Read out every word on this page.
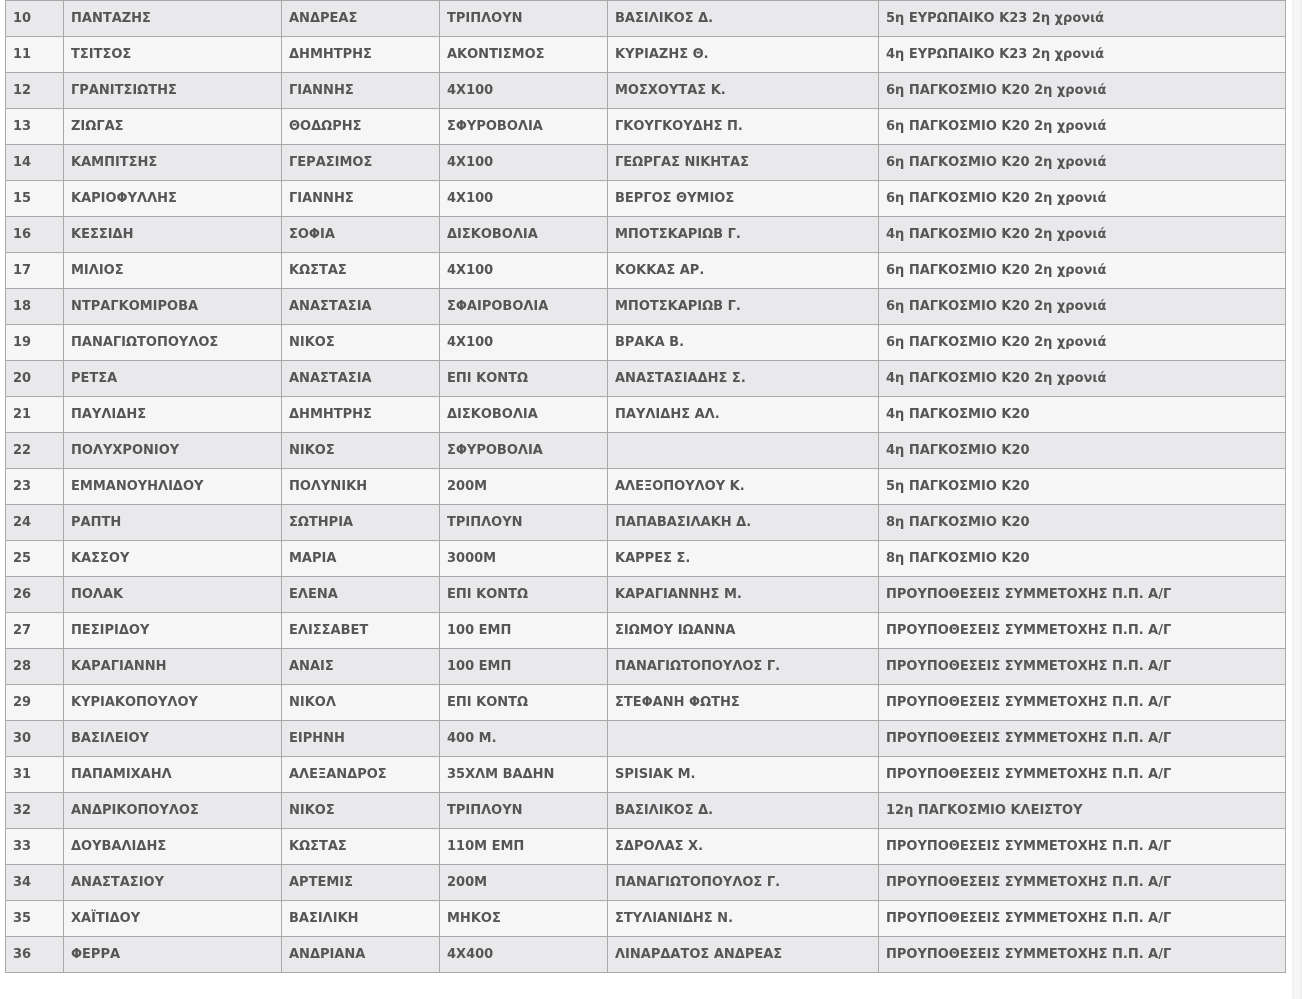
10	ΠΑΝΤΑΖΗΣ	ΑΝΔΡΕΑΣ	ΤΡΙΠΛΟΥΝ	ΒΑΣΙΛΙΚΟΣ Δ.	5η ΕΥΡΩΠΑΙΚΟ Κ23 2η χρονιά
11	ΤΣΙΤΣΟΣ	ΔΗΜΗΤΡΗΣ	ΑΚΟΝΤΙΣΜΟΣ	ΚΥΡΙΑΖΗΣ Θ.	4η ΕΥΡΩΠΑΙΚΟ Κ23 2η χρονιά
12	ΓΡΑΝΙΤΣΙΩΤΗΣ	ΓΙΑΝΝΗΣ	4Χ100	ΜΟΣΧΟΥΤΑΣ Κ.	6η ΠΑΓΚΟΣΜΙΟ Κ20 2η χρονιά
13	ΖΙΩΓΑΣ	ΘΟΔΩΡΗΣ	ΣΦΥΡΟΒΟΛΙΑ	ΓΚΟΥΓΚΟΥΔΗΣ Π.	6η ΠΑΓΚΟΣΜΙΟ Κ20 2η χρονιά
14	ΚΑΜΠΙΤΣΗΣ	ΓΕΡΑΣΙΜΟΣ	4Χ100	ΓΕΩΡΓΑΣ ΝΙΚΗΤΑΣ	6η ΠΑΓΚΟΣΜΙΟ Κ20 2η χρονιά
15	ΚΑΡΙΟΦΥΛΛΗΣ	ΓΙΑΝΝΗΣ	4Χ100	ΒΕΡΓΟΣ ΘΥΜΙΟΣ	6η ΠΑΓΚΟΣΜΙΟ Κ20 2η χρονιά
16	ΚΕΣΣΙΔΗ	ΣΟΦΙΑ	ΔΙΣΚΟΒΟΛΙΑ	ΜΠΟΤΣΚΑΡΙΩΒ Γ.	4η ΠΑΓΚΟΣΜΙΟ Κ20 2η χρονιά
17	ΜΙΛΙΟΣ	ΚΩΣΤΑΣ	4Χ100	ΚΟΚΚΑΣ ΑΡ.	6η ΠΑΓΚΟΣΜΙΟ Κ20 2η χρονιά
18	ΝΤΡΑΓΚΟΜΙΡΟΒΑ	ΑΝΑΣΤΑΣΙΑ	ΣΦΑΙΡΟΒΟΛΙΑ	ΜΠΟΤΣΚΑΡΙΩΒ Γ.	6η ΠΑΓΚΟΣΜΙΟ Κ20 2η χρονιά
19	ΠΑΝΑΓΙΩΤΟΠΟΥΛΟΣ	ΝΙΚΟΣ	4Χ100	ΒΡΑΚΑ Β.	6η ΠΑΓΚΟΣΜΙΟ Κ20 2η χρονιά
20	ΡΕΤΣΑ	ΑΝΑΣΤΑΣΙΑ	ΕΠΙ ΚΟΝΤΩ	ΑΝΑΣΤΑΣΙΑΔΗΣ Σ.	4η ΠΑΓΚΟΣΜΙΟ Κ20 2η χρονιά
21	ΠΑΥΛΙΔΗΣ	ΔΗΜΗΤΡΗΣ	ΔΙΣΚΟΒΟΛΙΑ	ΠΑΥΛΙΔΗΣ ΑΛ.	4η ΠΑΓΚΟΣΜΙΟ Κ20
22	ΠΟΛΥΧΡΟΝΙΟΥ	ΝΙΚΟΣ	ΣΦΥΡΟΒΟΛΙΑ		4η ΠΑΓΚΟΣΜΙΟ Κ20
23	ΕΜΜΑΝΟΥΗΛΙΔΟΥ	ΠΟΛΥΝΙΚΗ	200Μ	ΑΛΕΞΟΠΟΥΛΟΥ Κ.	5η ΠΑΓΚΟΣΜΙΟ Κ20
24	ΡΑΠΤΗ	ΣΩΤΗΡΙΑ	ΤΡΙΠΛΟΥΝ	ΠΑΠΑΒΑΣΙΛΑΚΗ Δ.	8η ΠΑΓΚΟΣΜΙΟ Κ20
25	ΚΑΣΣΟΥ	ΜΑΡΙΑ	3000Μ	ΚΑΡΡΕΣ Σ.	8η ΠΑΓΚΟΣΜΙΟ Κ20
26	ΠΟΛΑΚ	ΕΛΕΝΑ	ΕΠΙ ΚΟΝΤΩ	ΚΑΡΑΓΙΑΝΝΗΣ Μ.	ΠΡΟΥΠΟΘΕΣΕΙΣ ΣΥΜΜΕΤΟΧΗΣ Π.Π. Α/Γ
27	ΠΕΣΙΡΙΔΟΥ	ΕΛΙΣΣΑΒΕΤ	100 ΕΜΠ	ΣΙΩΜΟΥ ΙΩΑΝΝΑ	ΠΡΟΥΠΟΘΕΣΕΙΣ ΣΥΜΜΕΤΟΧΗΣ Π.Π. Α/Γ
28	ΚΑΡΑΓΙΑΝΝΗ	ΑΝΑΙΣ	100 ΕΜΠ	ΠΑΝΑΓΙΩΤΟΠΟΥΛΟΣ Γ.	ΠΡΟΥΠΟΘΕΣΕΙΣ ΣΥΜΜΕΤΟΧΗΣ Π.Π. Α/Γ
29	ΚΥΡΙΑΚΟΠΟΥΛΟΥ	ΝΙΚΟΛ	ΕΠΙ ΚΟΝΤΩ	ΣΤΕΦΑΝΗ ΦΩΤΗΣ	ΠΡΟΥΠΟΘΕΣΕΙΣ ΣΥΜΜΕΤΟΧΗΣ Π.Π. Α/Γ
30	ΒΑΣΙΛΕΙΟΥ	ΕΙΡΗΝΗ	400 Μ.		ΠΡΟΥΠΟΘΕΣΕΙΣ ΣΥΜΜΕΤΟΧΗΣ Π.Π. Α/Γ
31	ΠΑΠΑΜΙΧΑΗΛ	ΑΛΕΞΑΝΔΡΟΣ	35ΧΛΜ ΒΑΔΗΝ	SPISIAK M.	ΠΡΟΥΠΟΘΕΣΕΙΣ ΣΥΜΜΕΤΟΧΗΣ Π.Π. Α/Γ
32	ΑΝΔΡΙΚΟΠΟΥΛΟΣ	ΝΙΚΟΣ	ΤΡΙΠΛΟΥΝ	ΒΑΣΙΛΙΚΟΣ Δ.	12η ΠΑΓΚΟΣΜΙΟ ΚΛΕΙΣΤΟΥ
33	ΔΟΥΒΑΛΙΔΗΣ	ΚΩΣΤΑΣ	110Μ ΕΜΠ	ΣΔΡΟΛΑΣ Χ.	ΠΡΟΥΠΟΘΕΣΕΙΣ ΣΥΜΜΕΤΟΧΗΣ Π.Π. Α/Γ
34	ΑΝΑΣΤΑΣΙΟΥ	ΑΡΤΕΜΙΣ	200Μ	ΠΑΝΑΓΙΩΤΟΠΟΥΛΟΣ Γ.	ΠΡΟΥΠΟΘΕΣΕΙΣ ΣΥΜΜΕΤΟΧΗΣ Π.Π. Α/Γ
35	ΧΑΪΤΙΔΟΥ	ΒΑΣΙΛΙΚΗ	ΜΗΚΟΣ	ΣΤΥΛΙΑΝΙΔΗΣ Ν.	ΠΡΟΥΠΟΘΕΣΕΙΣ ΣΥΜΜΕΤΟΧΗΣ Π.Π. Α/Γ
36	ΦΕΡΡΑ	ΑΝΔΡΙΑΝΑ	4Χ400	ΛΙΝΑΡΔΑΤΟΣ ΑΝΔΡΕΑΣ	ΠΡΟΥΠΟΘΕΣΕΙΣ ΣΥΜΜΕΤΟΧΗΣ Π.Π. Α/Γ
